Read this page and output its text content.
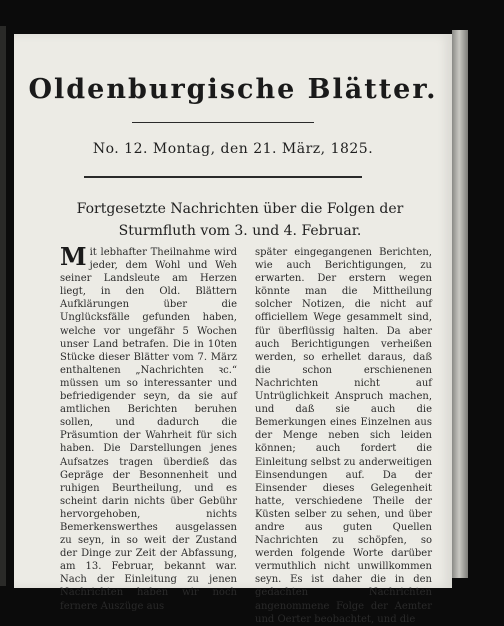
Oldenburgische Blätter.
No. 12. Montag, den 21. März, 1825.
Fortgesetzte Nachrichten über die Folgen der Sturmfluth vom 3. und 4. Februar.
Mit lebhafter Theilnahme wird jeder, dem Wohl und Weh seiner Landsleute am Herzen liegt, in den Old. Blättern Aufklärungen über die Unglücksfälle gefunden haben, welche vor ungefähr 5 Wochen unser Land betrafen. Die in 10ten Stücke dieser Blätter vom 7. März enthaltenen „Nachrichten ꝛc.“ müssen um so interessanter und befriedigender seyn, da sie auf amtlichen Berichten beruhen sollen, und dadurch die Präsumtion der Wahrheit für sich haben. Die Darstellungen jenes Aufsatzes tragen überdieß das Gepräge der Besonnenheit und ruhigen Beurtheilung, und es scheint darin nichts über Gebühr hervorgehoben, nichts Bemerkenswerthes ausgelassen zu seyn, in so weit der Zustand der Dinge zur Zeit der Abfassung, am 13. Februar, bekannt war. Nach der Einleitung zu jenen Nachrichten haben wir noch fernere Auszüge aus
später eingegangenen Berichten, wie auch Berichtigungen, zu erwarten. Der erstern wegen könnte man die Mittheilung solcher Notizen, die nicht auf officiellem Wege gesammelt sind, für überflüssig halten. Da aber auch Berichtigungen verheißen werden, so erhellet daraus, daß die schon erschienenen Nachrichten nicht auf Untrüglichkeit Anspruch machen, und daß sie auch die Bemerkungen eines Einzelnen aus der Menge neben sich leiden können; auch fordert die Einleitung selbst zu anderweitigen Einsendungen auf. Da der Einsender dieses Gelegenheit hatte, verschiedene Theile der Küsten selber zu sehen, und über andre aus guten Quellen Nachrichten zu schöpfen, so werden folgende Worte darüber vermuthlich nicht unwillkommen seyn. Es ist daher die in den gedachten Nachrichten angenommene Folge der Aemter und Oerter beobachtet, und die
